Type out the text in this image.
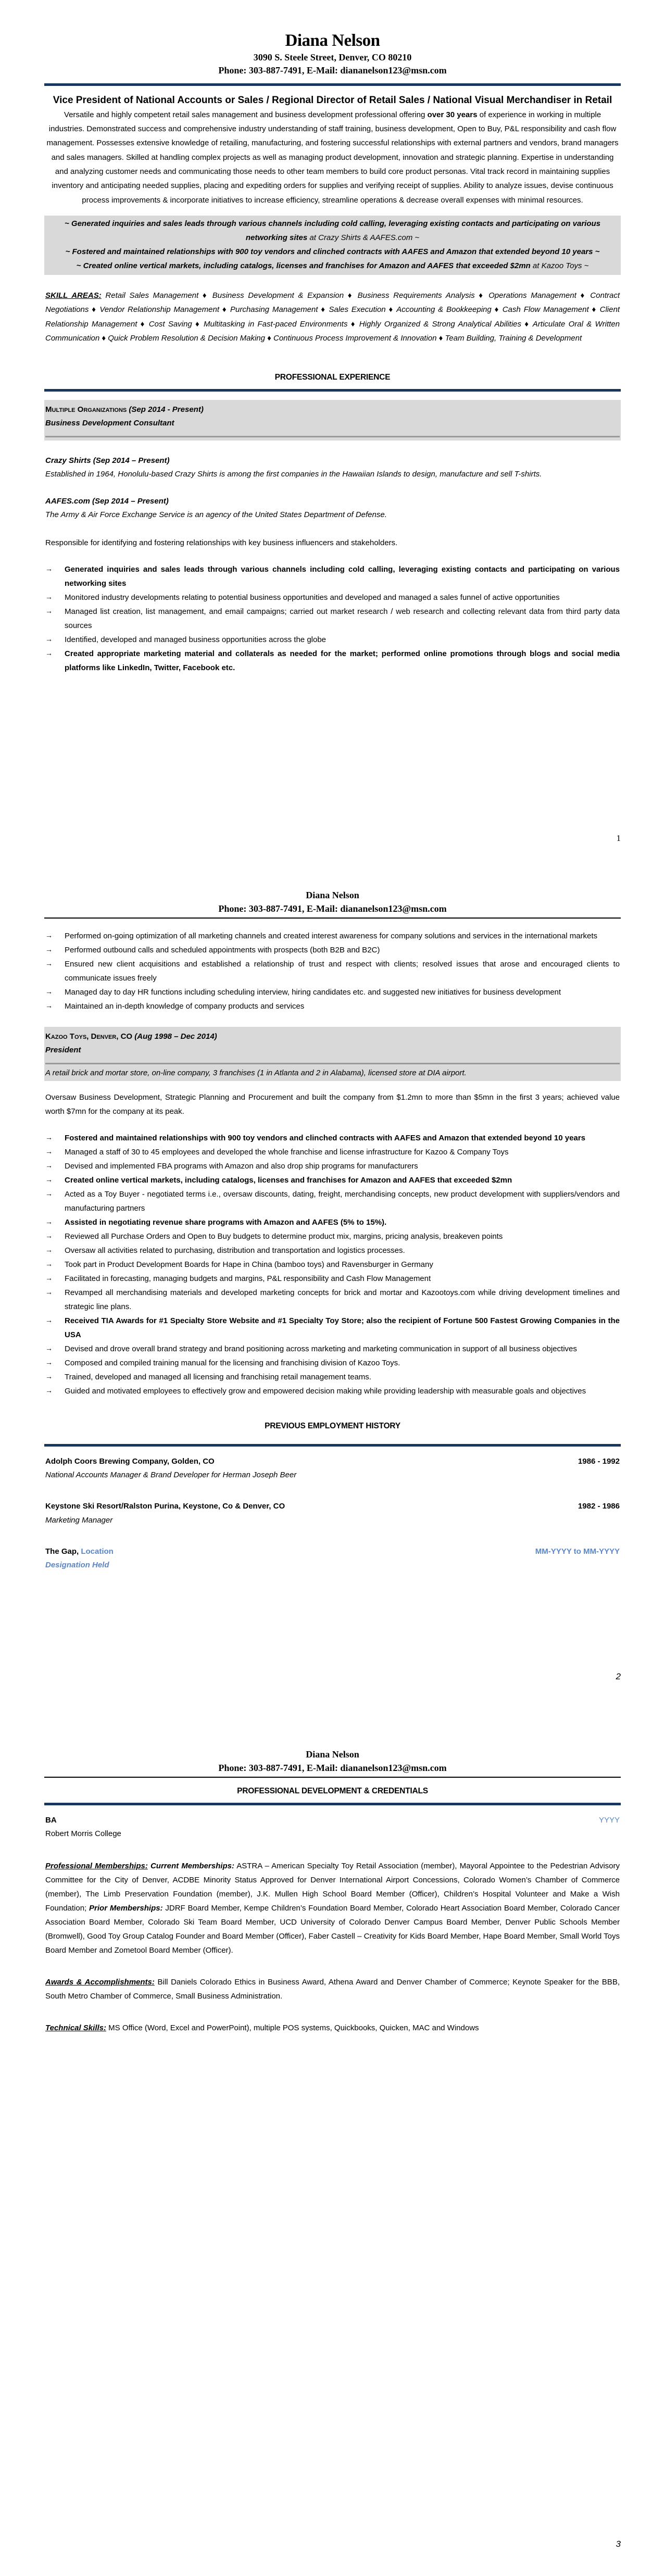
Diana Nelson
3090 S. Steele Street, Denver, CO 80210
Phone: 303-887-7491, E-Mail: diananelson123@msn.com
Vice President of National Accounts or Sales / Regional Director of Retail Sales / National Visual Merchandiser in Retail

Versatile and highly competent retail sales management and business development professional offering over 30 years of experience in working in multiple industries. Demonstrated success and comprehensive industry understanding of staff training, business development, Open to Buy, P&L responsibility and cash flow management. Possesses extensive knowledge of retailing, manufacturing, and fostering successful relationships with external partners and vendors, brand managers and sales managers. Skilled at handling complex projects as well as managing product development, innovation and strategic planning. Expertise in understanding and analyzing customer needs and communicating those needs to other team members to build core product personas. Vital track record in maintaining supplies inventory and anticipating needed supplies, placing and expediting orders for supplies and verifying receipt of supplies. Ability to analyze issues, devise continuous process improvements & incorporate initiatives to increase efficiency, streamline operations & decrease overall expenses with minimal resources.

~ Generated inquiries and sales leads through various channels including cold calling, leveraging existing contacts and participating on various networking sites at Crazy Shirts & AAFES.com ~
~ Fostered and maintained relationships with 900 toy vendors and clinched contracts with AAFES and Amazon that extended beyond 10 years ~
~ Created online vertical markets, including catalogs, licenses and franchises for Amazon and AAFES that exceeded $2mn at Kazoo Toys ~

SKILL AREAS: Retail Sales Management ♦ Business Development & Expansion ♦ Business Requirements Analysis ♦ Operations Management ♦ Contract Negotiations ♦ Vendor Relationship Management ♦ Purchasing Management ♦ Sales Execution ♦ Accounting & Bookkeeping ♦ Cash Flow Management ♦ Client Relationship Management ♦ Cost Saving ♦ Multitasking in Fast-paced Environments ♦ Highly Organized & Strong Analytical Abilities ♦ Articulate Oral & Written Communication ♦ Quick Problem Resolution & Decision Making ♦ Continuous Process Improvement & Innovation ♦ Team Building, Training & Development

PROFESSIONAL EXPERIENCE
Multiple Organizations (Sep 2014 - Present)
Business Development Consultant
Crazy Shirts (Sep 2014 – Present)
Established in 1964, Honolulu-based Crazy Shirts is among the first companies in the Hawaiian Islands to design, manufacture and sell T-shirts.
AAFES.com (Sep 2014 – Present)
The Army & Air Force Exchange Service is an agency of the United States Department of Defense.

Responsible for identifying and fostering relationships with key business influencers and stakeholders.

→ Generated inquiries and sales leads through various channels including cold calling, leveraging existing contacts and participating on various networking sites
→ Monitored industry developments relating to potential business opportunities and developed and managed a sales funnel of active opportunities
→ Managed list creation, list management, and email campaigns; carried out market research / web research and collecting relevant data from third party data sources
→ Identified, developed and managed business opportunities across the globe
→ Created appropriate marketing material and collaterals as needed for the market; performed online promotions through blogs and social media platforms like LinkedIn, Twitter, Facebook etc.
1
Diana Nelson
Phone: 303-887-7491, E-Mail: diananelson123@msn.com
→ Performed on-going optimization of all marketing channels and created interest awareness for company solutions and services in the international markets
→ Performed outbound calls and scheduled appointments with prospects (both B2B and B2C)
→ Ensured new client acquisitions and established a relationship of trust and respect with clients; resolved issues that arose and encouraged clients to communicate issues freely
→ Managed day to day HR functions including scheduling interview, hiring candidates etc. and suggested new initiatives for business development
→ Maintained an in-depth knowledge of company products and services
Kazoo Toys, Denver, CO (Aug 1998 – Dec 2014)
President
A retail brick and mortar store, on-line company, 3 franchises (1 in Atlanta and 2 in Alabama), licensed store at DIA airport.

Oversaw Business Development, Strategic Planning and Procurement and built the company from $1.2mn to more than $5mn in the first 3 years; achieved value worth $7mn for the company at its peak.

→ Fostered and maintained relationships with 900 toy vendors and clinched contracts with AAFES and Amazon that extended beyond 10 years
→ Managed a staff of 30 to 45 employees and developed the whole franchise and license infrastructure for Kazoo & Company Toys
→ Devised and implemented FBA programs with Amazon and also drop ship programs for manufacturers
→ Created online vertical markets, including catalogs, licenses and franchises for Amazon and AAFES that exceeded $2mn
→ Acted as a Toy Buyer - negotiated terms i.e., oversaw discounts, dating, freight, merchandising concepts, new product development with suppliers/vendors and manufacturing partners
→ Assisted in negotiating revenue share programs with Amazon and AAFES (5% to 15%).
→ Reviewed all Purchase Orders and Open to Buy budgets to determine product mix, margins, pricing analysis, breakeven points
→ Oversaw all activities related to purchasing, distribution and transportation and logistics processes.
→ Took part in Product Development Boards for Hape in China (bamboo toys) and Ravensburger in Germany
→ Facilitated in forecasting, managing budgets and margins, P&L responsibility and Cash Flow Management
→ Revamped all merchandising materials and developed marketing concepts for brick and mortar and Kazootoys.com while driving development timelines and strategic line plans.
→ Received TIA Awards for #1 Specialty Store Website and #1 Specialty Toy Store; also the recipient of Fortune 500 Fastest Growing Companies in the USA
→ Devised and drove overall brand strategy and brand positioning across marketing and marketing communication in support of all business objectives
→ Composed and compiled training manual for the licensing and franchising division of Kazoo Toys.
→ Trained, developed and managed all licensing and franchising retail management teams.
→ Guided and motivated employees to effectively grow and empowered decision making while providing leadership with measurable goals and objectives
PREVIOUS EMPLOYMENT HISTORY
Adolph Coors Brewing Company, Golden, CO
National Accounts Manager & Brand Developer for Herman Joseph Beer
1986 - 1992
Keystone Ski Resort/Ralston Purina, Keystone, Co & Denver, CO
Marketing Manager
1982 - 1986
The Gap, Location
Designation Held
MM-YYYY to MM-YYYY
2
Diana Nelson
Phone: 303-887-7491, E-Mail: diananelson123@msn.com
PROFESSIONAL DEVELOPMENT & CREDENTIALS
BA
Robert Morris College
YYYY

Professional Memberships: Current Memberships: ASTRA – American Specialty Toy Retail Association (member), Mayoral Appointee to the Pedestrian Advisory Committee for the City of Denver, ACDBE Minority Status Approved for Denver International Airport Concessions, Colorado Women’s Chamber of Commerce (member), The Limb Preservation Foundation (member), J.K. Mullen High School Board Member (Officer), Children’s Hospital Volunteer and Make a Wish Foundation; Prior Memberships: JDRF Board Member, Kempe Children’s Foundation Board Member, Colorado Heart Association Board Member, Colorado Cancer Association Board Member, Colorado Ski Team Board Member, UCD University of Colorado Denver Campus Board Member, Denver Public Schools Member (Bromwell), Good Toy Group Catalog Founder and Board Member (Officer), Faber Castell – Creativity for Kids Board Member, Hape Board Member, Small World Toys Board Member and Zometool Board Member (Officer).

Awards & Accomplishments: Bill Daniels Colorado Ethics in Business Award, Athena Award and Denver Chamber of Commerce; Keynote Speaker for the BBB, South Metro Chamber of Commerce, Small Business Administration.

Technical Skills: MS Office (Word, Excel and PowerPoint), multiple POS systems, Quickbooks, Quicken, MAC and Windows

3
